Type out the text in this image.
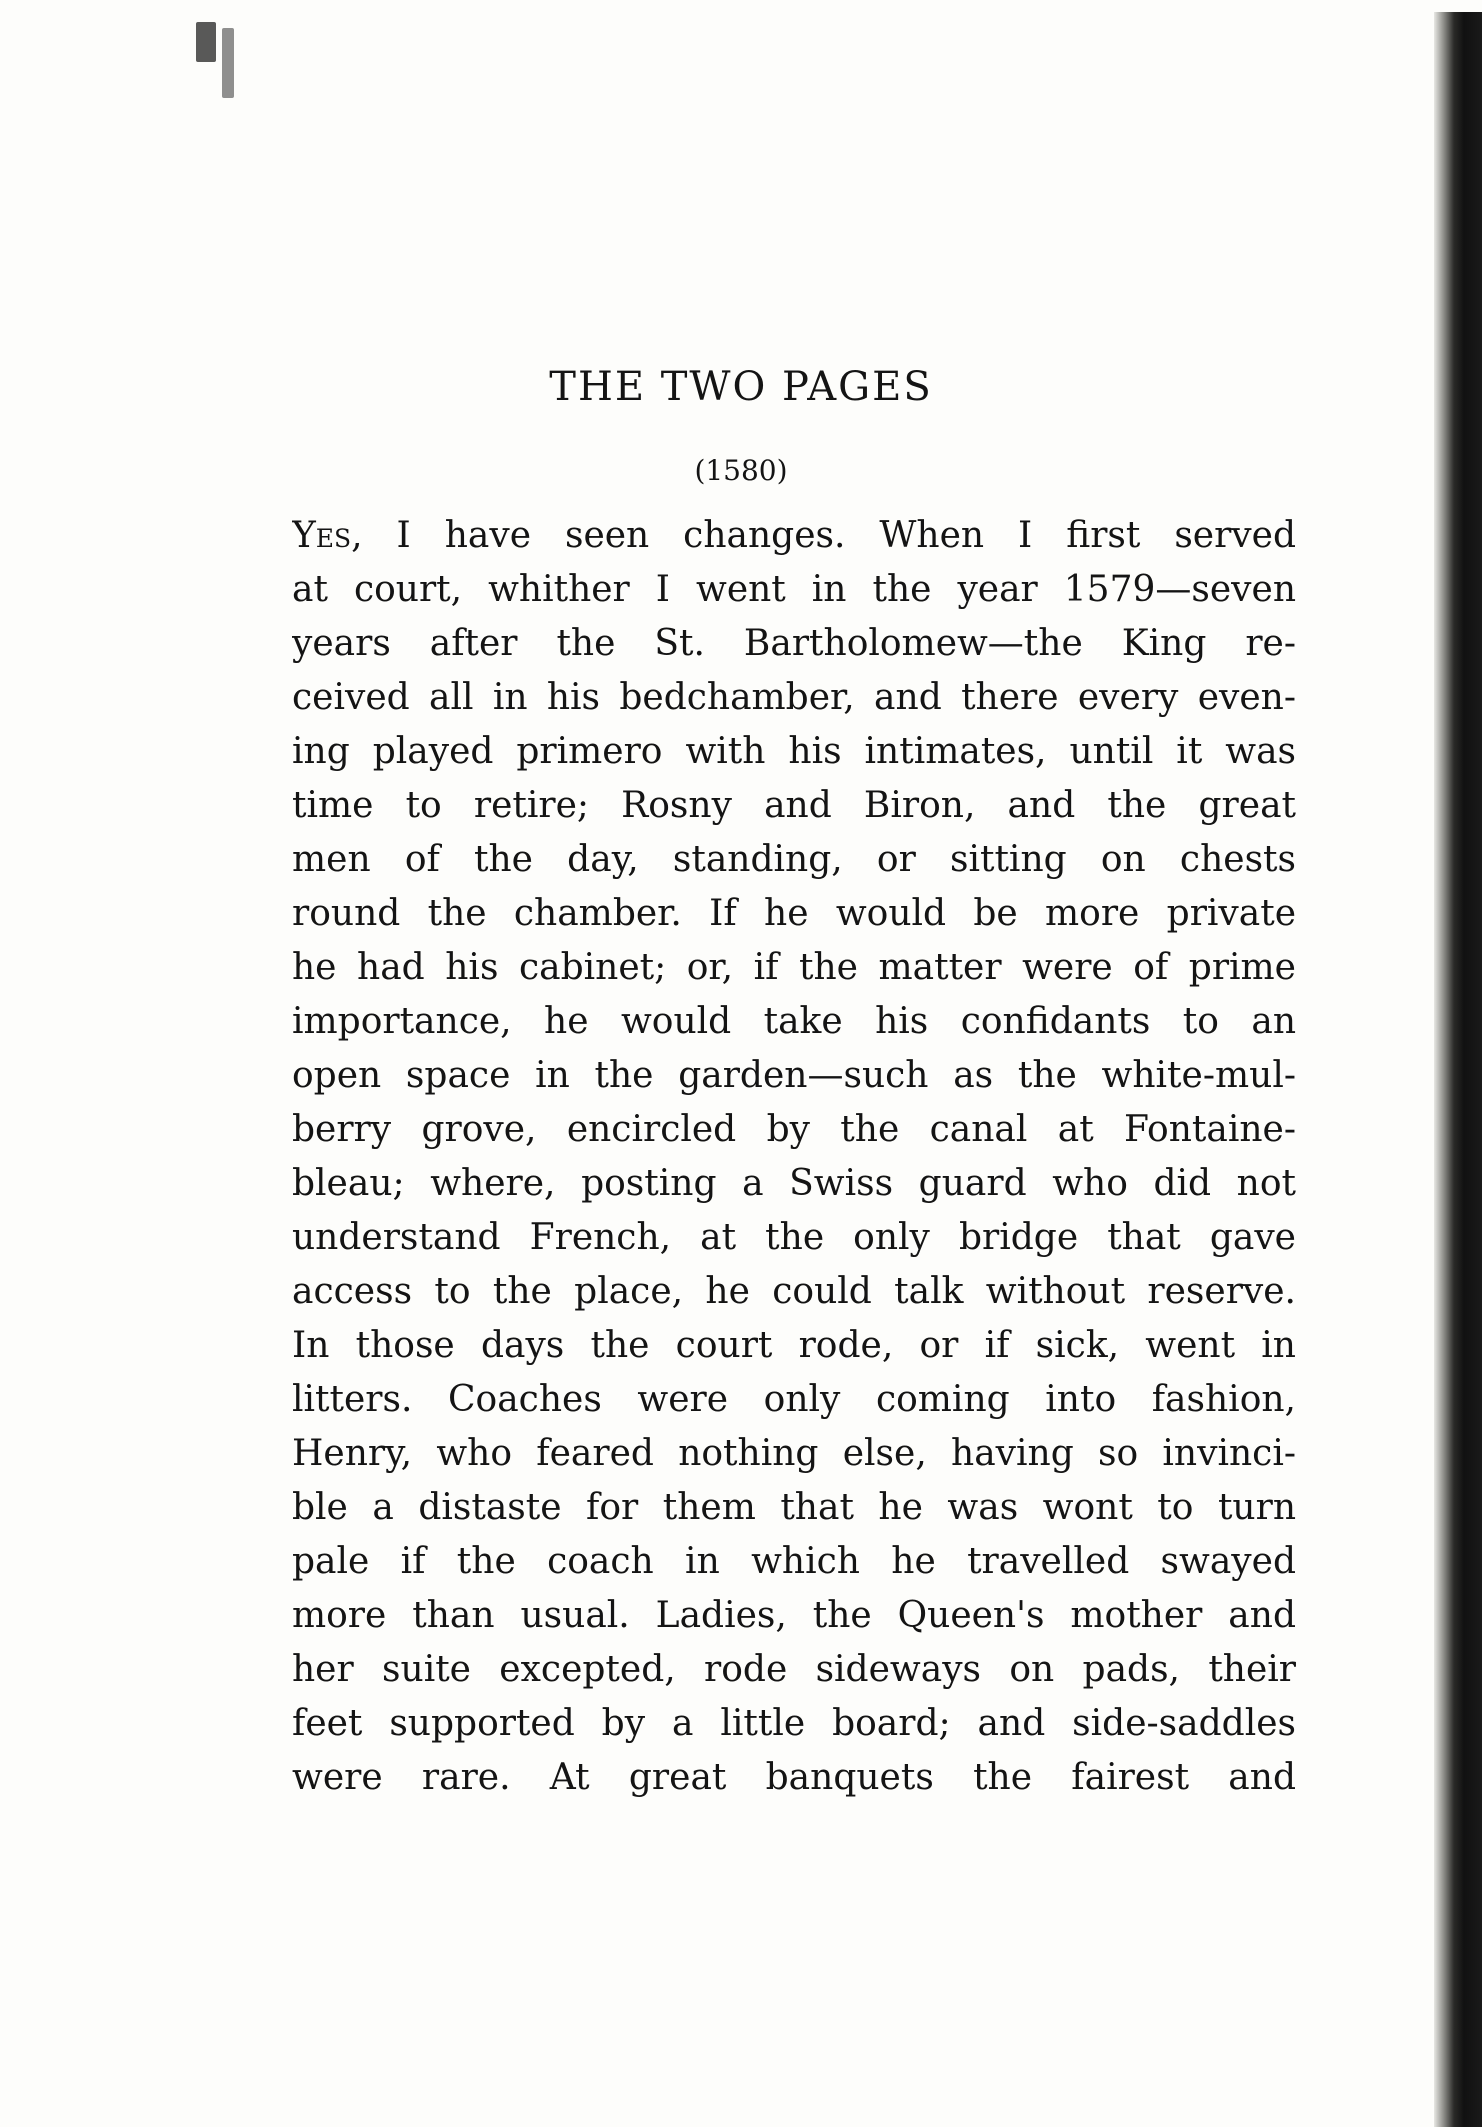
THE TWO PAGES
(1580)
Yes, I have seen changes. When I first served
at court, whither I went in the year 1579—seven
years after the St. Bartholomew—the King re-
ceived all in his bedchamber, and there every even-
ing played primero with his intimates, until it was
time to retire; Rosny and Biron, and the great
men of the day, standing, or sitting on chests
round the chamber. If he would be more private
he had his cabinet; or, if the matter were of prime
importance, he would take his confidants to an
open space in the garden—such as the white-mul-
berry grove, encircled by the canal at Fontaine-
bleau; where, posting a Swiss guard who did not
understand French, at the only bridge that gave
access to the place, he could talk without reserve.
In those days the court rode, or if sick, went in
litters. Coaches were only coming into fashion,
Henry, who feared nothing else, having so invinci-
ble a distaste for them that he was wont to turn
pale if the coach in which he travelled swayed
more than usual. Ladies, the Queen's mother and
her suite excepted, rode sideways on pads, their
feet supported by a little board; and side-saddles
were rare. At great banquets the fairest and
